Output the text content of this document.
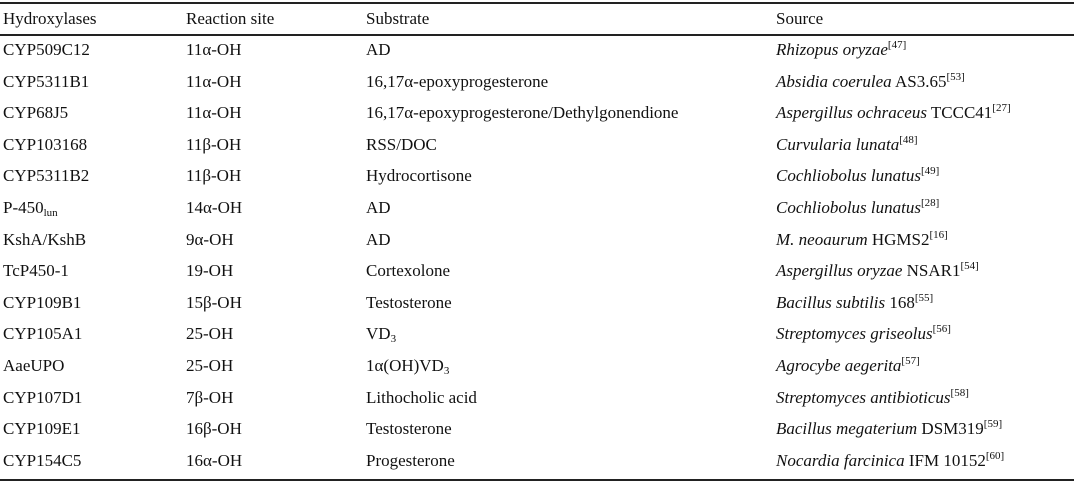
Hydroxylases	Reaction site	Substrate	Source
CYP509C12	11α-OH	AD	Rhizopus oryzae[47]
CYP5311B1	11α-OH	16,17α-epoxyprogesterone	Absidia coerulea AS3.65[53]
CYP68J5	11α-OH	16,17α-epoxyprogesterone/Dethylgonendione	Aspergillus ochraceus TCCC41[27]
CYP103168	11β-OH	RSS/DOC	Curvularia lunata[48]
CYP5311B2	11β-OH	Hydrocortisone	Cochliobolus lunatus[49]
$P-450_{lun}$	14α-OH	AD	Cochliobolus lunatus[28]
KshA/KshB	9α-OH	AD	M. neoaurum HGMS2[16]
TcP450-1	19-OH	Cortexolone	Aspergillus oryzae NSAR1[54]
CYP109B1	15β-OH	Testosterone	Bacillus subtilis 168[55]
CYP105A1	25-OH	$VD_3$	Streptomyces griseolus[56]
AaeUPO	25-OH	$1\alpha(OH)VD_3$	Agrocybe aegerita[57]
CYP107D1	7β-OH	Lithocholic acid	Streptomyces antibioticus[58]
CYP109E1	16β-OH	Testosterone	Bacillus megaterium DSM319[59]
CYP154C5	16α-OH	Progesterone	Nocardia farcinica IFM 10152[60]
